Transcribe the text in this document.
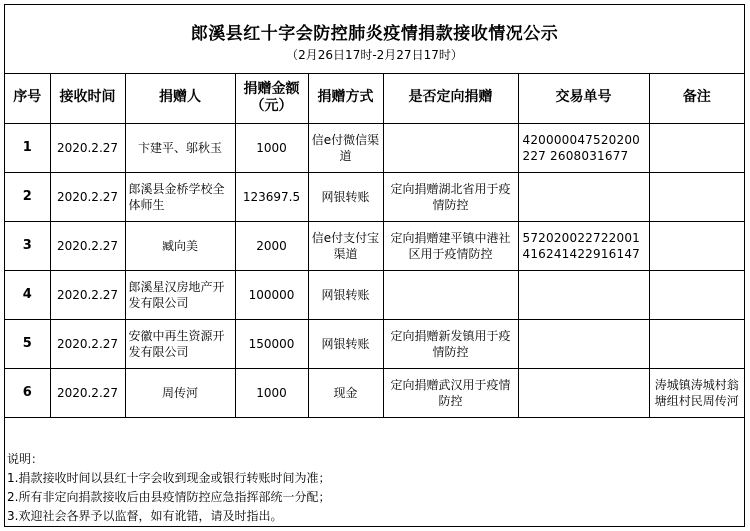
郎溪县红十字会防控肺炎疫情捐款接收情况公示
（2月26日17时-2月27日17时）
序号	接收时间	捐赠人	捐赠金额（元）	捐赠方式	是否定向捐赠	交易单号	备注
1	2020.2.27	卞建平、邬秋玉	1000	信e付微信渠道		420000047520200227 2608031677	
2	2020.2.27	郎溪县金桥学校全体师生	123697.5	网银转账	定向捐赠湖北省用于疫情防控		
3	2020.2.27	臧向美	2000	信e付支付宝渠道	定向捐赠建平镇中港社区用于疫情防控	572020022722001416241422916147	
4	2020.2.27	郎溪星汉房地产开发有限公司	100000	网银转账			
5	2020.2.27	安徽中再生资源开发有限公司	150000	网银转账	定向捐赠新发镇用于疫情防控		
6	2020.2.27	周传河	1000	现金	定向捐赠武汉用于疫情防控		涛城镇涛城村翁塘组村民周传河
说明：
1.捐款接收时间以县红十字会收到现金或银行转账时间为准；
2.所有非定向捐款接收后由县疫情防控应急指挥部统一分配；
3.欢迎社会各界予以监督，如有讹错，请及时指出。
